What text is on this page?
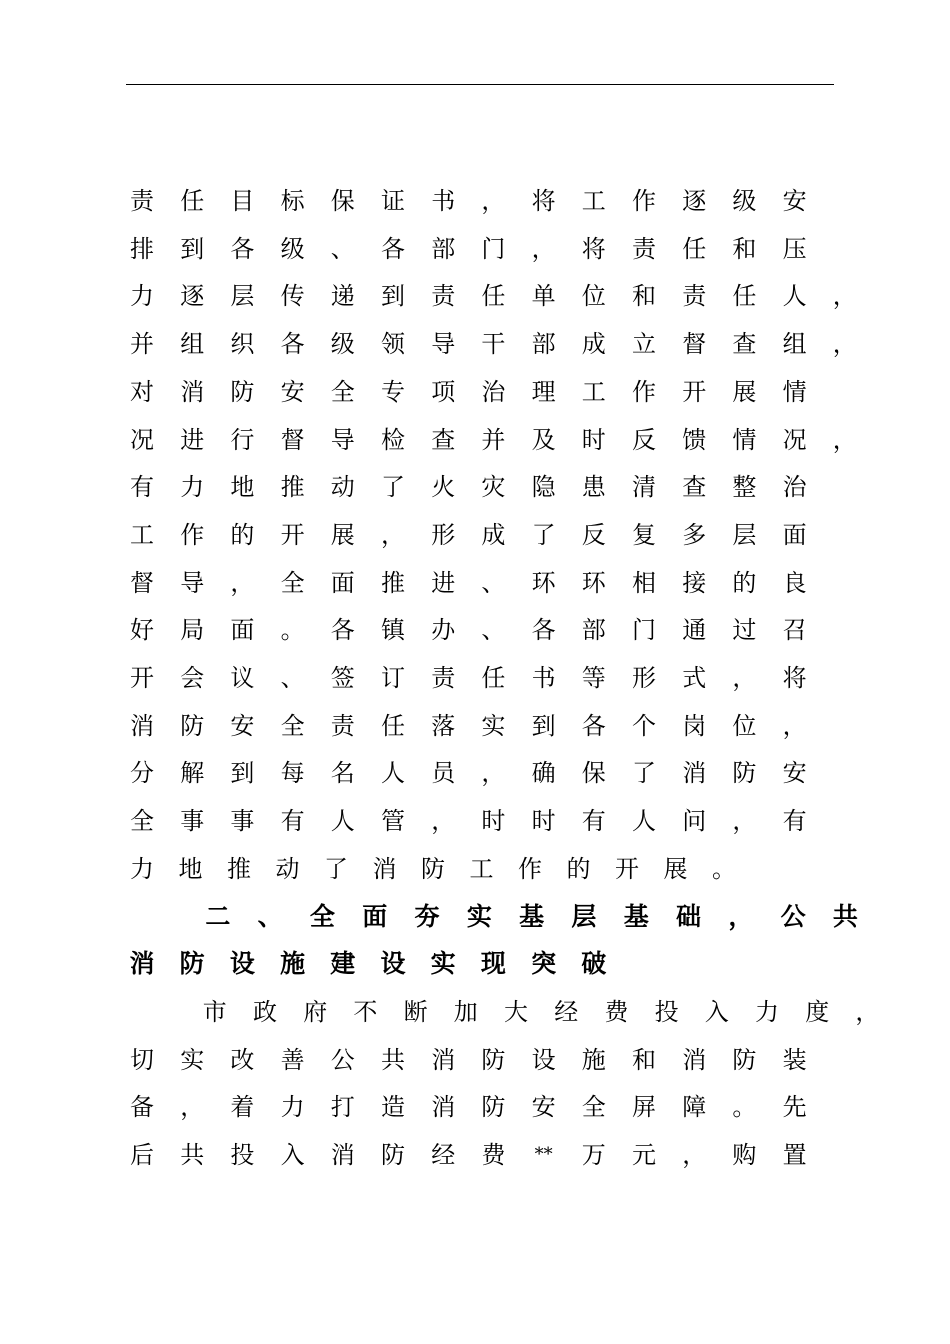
责 任 目 标 保 证 书 ， 将 工 作 逐 级 安
排 到 各 级 、 各 部 门 ， 将 责 任 和 压
力 逐 层 传 递 到 责 任 单 位 和 责 任 人 ，
并 组 织 各 级 领 导 干 部 成 立 督 查 组 ，
对 消 防 安 全 专 项 治 理 工 作 开 展 情
况 进 行 督 导 检 查 并 及 时 反 馈 情 况 ，
有 力 地 推 动 了 火 灾 隐 患 清 查 整 治
工 作 的 开 展 ， 形 成 了 反 复 多 层 面
督 导 ， 全 面 推 进 、 环 环 相 接 的 良
好 局 面 。 各 镇 办 、 各 部 门 通 过 召
开 会 议 、 签 订 责 任 书 等 形 式 ， 将
消 防 安 全 责 任 落 实 到 各 个 岗 位 ，
分 解 到 每 名 人 员 ， 确 保 了 消 防 安
全 事 事 有 人 管 ， 时 时 有 人 问 ， 有
力 地 推 动 了 消 防 工 作 的 开 展 。
二 、 全 面 夯 实 基 层 基 础 ， 公 共
消 防 设 施 建 设 实 现 突 破
市 政 府 不 断 加 大 经 费 投 入 力 度 ，
切 实 改 善 公 共 消 防 设 施 和 消 防 装
备 ， 着 力 打 造 消 防 安 全 屏 障 。 先
后 共 投 入 消 防 经 费	** 万 元 ， 购 置
